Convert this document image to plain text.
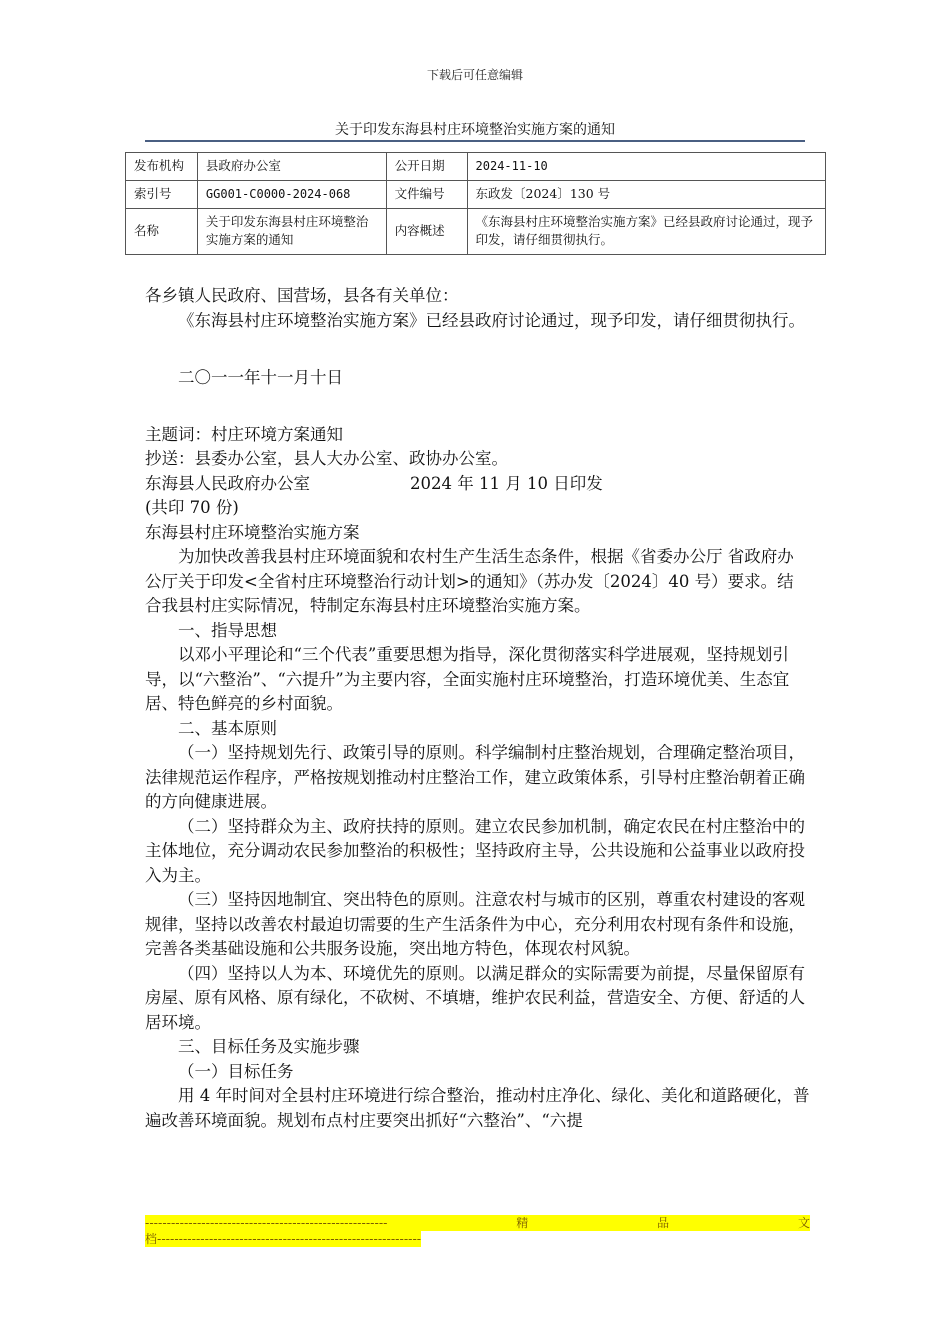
下载后可任意编辑
关于印发东海县村庄环境整治实施方案的通知
发布机构	县政府办公室	公开日期	2024-11-10
索引号	GG001-C0000-2024-068	文件编号	东政发〔2024〕130 号
名称	关于印发东海县村庄环境整治实施方案的通知	内容概述	《东海县村庄环境整治实施方案》已经县政府讨论通过，现予印发，请仔细贯彻执行。

各乡镇人民政府、国营场，县各有关单位：

《东海县村庄环境整治实施方案》已经县政府讨论通过，现予印发，请仔细贯彻执行。

二〇一一年十一月十日

主题词：村庄环境方案通知

抄送：县委办公室，县人大办公室、政协办公室。

东海县人民政府办公室	2024 年 11 月 10 日印发

(共印 70 份)

东海县村庄环境整治实施方案

为加快改善我县村庄环境面貌和农村生产生活生态条件，根据《省委办公厅 省政府办公厅关于印发<全省村庄环境整治行动计划>的通知》（苏办发〔2024〕40 号）要求。结合我县村庄实际情况，特制定东海县村庄环境整治实施方案。

一、指导思想

以邓小平理论和“三个代表”重要思想为指导，深化贯彻落实科学进展观，坚持规划引导，以“六整治”、“六提升”为主要内容，全面实施村庄环境整治，打造环境优美、生态宜居、特色鲜亮的乡村面貌。

二、基本原则

（一）坚持规划先行、政策引导的原则。科学编制村庄整治规划，合理确定整治项目，法律规范运作程序，严格按规划推动村庄整治工作，建立政策体系，引导村庄整治朝着正确的方向健康进展。

（二）坚持群众为主、政府扶持的原则。建立农民参加机制，确定农民在村庄整治中的主体地位，充分调动农民参加整治的积极性；坚持政府主导，公共设施和公益事业以政府投入为主。

（三）坚持因地制宜、突出特色的原则。注意农村与城市的区别，尊重农村建设的客观规律，坚持以改善农村最迫切需要的生产生活条件为中心，充分利用农村现有条件和设施，完善各类基础设施和公共服务设施，突出地方特色，体现农村风貌。

（四）坚持以人为本、环境优先的原则。以满足群众的实际需要为前提，尽量保留原有房屋、原有风格、原有绿化，不砍树、不填塘，维护农民利益，营造安全、方便、舒适的人居环境。

三、目标任务及实施步骤

（一）目标任务

用 4 年时间对全县村庄环境进行综合整治，推动村庄净化、绿化、美化和道路硬化，普遍改善环境面貌。规划布点村庄要突出抓好“六整治”、“六提

--------------------------------------------------------	精	品	文
档-------------------------------------------------------------
